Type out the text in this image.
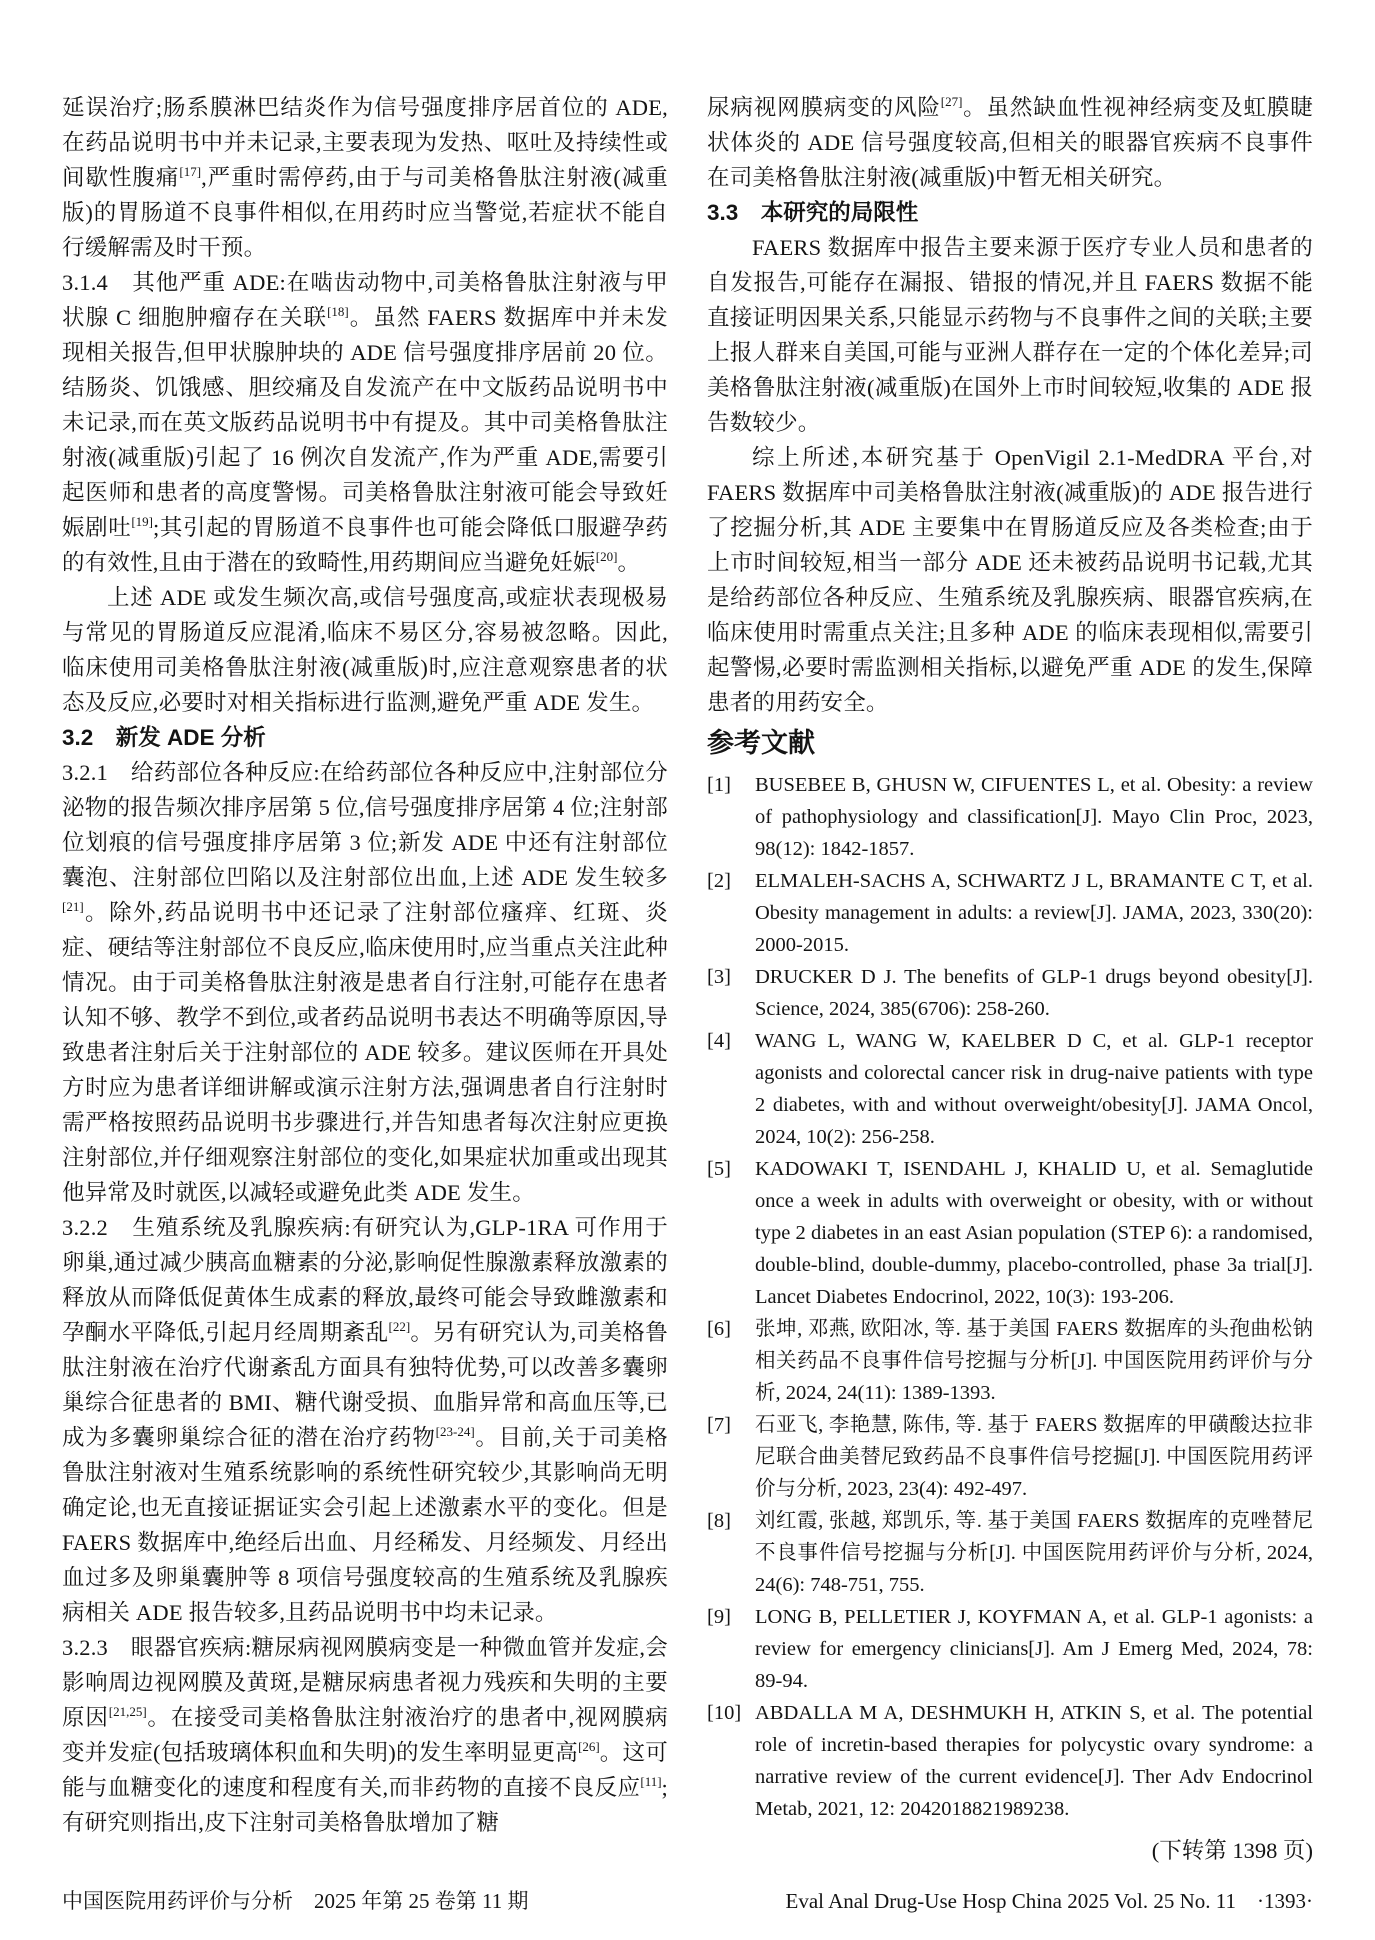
延误治疗;肠系膜淋巴结炎作为信号强度排序居首位的 ADE,在药品说明书中并未记录,主要表现为发热、呕吐及持续性或间歇性腹痛[17],严重时需停药,由于与司美格鲁肽注射液(减重版)的胃肠道不良事件相似,在用药时应当警觉,若症状不能自行缓解需及时干预。

3.1.4　其他严重 ADE:在啮齿动物中,司美格鲁肽注射液与甲状腺 C 细胞肿瘤存在关联[18]。虽然 FAERS 数据库中并未发现相关报告,但甲状腺肿块的 ADE 信号强度排序居前 20 位。结肠炎、饥饿感、胆绞痛及自发流产在中文版药品说明书中未记录,而在英文版药品说明书中有提及。其中司美格鲁肽注射液(减重版)引起了 16 例次自发流产,作为严重 ADE,需要引起医师和患者的高度警惕。司美格鲁肽注射液可能会导致妊娠剧吐[19];其引起的胃肠道不良事件也可能会降低口服避孕药的有效性,且由于潜在的致畸性,用药期间应当避免妊娠[20]。

上述 ADE 或发生频次高,或信号强度高,或症状表现极易与常见的胃肠道反应混淆,临床不易区分,容易被忽略。因此,临床使用司美格鲁肽注射液(减重版)时,应注意观察患者的状态及反应,必要时对相关指标进行监测,避免严重 ADE 发生。

3.2　新发 ADE 分析

3.2.1　给药部位各种反应:在给药部位各种反应中,注射部位分泌物的报告频次排序居第 5 位,信号强度排序居第 4 位;注射部位划痕的信号强度排序居第 3 位;新发 ADE 中还有注射部位囊泡、注射部位凹陷以及注射部位出血,上述 ADE 发生较多[21]。除外,药品说明书中还记录了注射部位瘙痒、红斑、炎症、硬结等注射部位不良反应,临床使用时,应当重点关注此种情况。由于司美格鲁肽注射液是患者自行注射,可能存在患者认知不够、教学不到位,或者药品说明书表达不明确等原因,导致患者注射后关于注射部位的 ADE 较多。建议医师在开具处方时应为患者详细讲解或演示注射方法,强调患者自行注射时需严格按照药品说明书步骤进行,并告知患者每次注射应更换注射部位,并仔细观察注射部位的变化,如果症状加重或出现其他异常及时就医,以减轻或避免此类 ADE 发生。

3.2.2　生殖系统及乳腺疾病:有研究认为,GLP-1RA 可作用于卵巢,通过减少胰高血糖素的分泌,影响促性腺激素释放激素的释放从而降低促黄体生成素的释放,最终可能会导致雌激素和孕酮水平降低,引起月经周期紊乱[22]。另有研究认为,司美格鲁肽注射液在治疗代谢紊乱方面具有独特优势,可以改善多囊卵巢综合征患者的 BMI、糖代谢受损、血脂异常和高血压等,已成为多囊卵巢综合征的潜在治疗药物[23-24]。目前,关于司美格鲁肽注射液对生殖系统影响的系统性研究较少,其影响尚无明确定论,也无直接证据证实会引起上述激素水平的变化。但是 FAERS 数据库中,绝经后出血、月经稀发、月经频发、月经出血过多及卵巢囊肿等 8 项信号强度较高的生殖系统及乳腺疾病相关 ADE 报告较多,且药品说明书中均未记录。

3.2.3　眼器官疾病:糖尿病视网膜病变是一种微血管并发症,会影响周边视网膜及黄斑,是糖尿病患者视力残疾和失明的主要原因[21,25]。在接受司美格鲁肽注射液治疗的患者中,视网膜病变并发症(包括玻璃体积血和失明)的发生率明显更高[26]。这可能与血糖变化的速度和程度有关,而非药物的直接不良反应[11];有研究则指出,皮下注射司美格鲁肽增加了糖

尿病视网膜病变的风险[27]。虽然缺血性视神经病变及虹膜睫状体炎的 ADE 信号强度较高,但相关的眼器官疾病不良事件在司美格鲁肽注射液(减重版)中暂无相关研究。

3.3　本研究的局限性

FAERS 数据库中报告主要来源于医疗专业人员和患者的自发报告,可能存在漏报、错报的情况,并且 FAERS 数据不能直接证明因果关系,只能显示药物与不良事件之间的关联;主要上报人群来自美国,可能与亚洲人群存在一定的个体化差异;司美格鲁肽注射液(减重版)在国外上市时间较短,收集的 ADE 报告数较少。

综上所述,本研究基于 OpenVigil 2.1-MedDRA 平台,对 FAERS 数据库中司美格鲁肽注射液(减重版)的 ADE 报告进行了挖掘分析,其 ADE 主要集中在胃肠道反应及各类检查;由于上市时间较短,相当一部分 ADE 还未被药品说明书记载,尤其是给药部位各种反应、生殖系统及乳腺疾病、眼器官疾病,在临床使用时需重点关注;且多种 ADE 的临床表现相似,需要引起警惕,必要时需监测相关指标,以避免严重 ADE 的发生,保障患者的用药安全。

参考文献
[1]	BUSEBEE B, GHUSN W, CIFUENTES L, et al. Obesity: a review of pathophysiology and classification[J]. Mayo Clin Proc, 2023, 98(12): 1842-1857.
[2]	ELMALEH-SACHS A, SCHWARTZ J L, BRAMANTE C T, et al. Obesity management in adults: a review[J]. JAMA, 2023, 330(20): 2000-2015.
[3]	DRUCKER D J. The benefits of GLP-1 drugs beyond obesity[J]. Science, 2024, 385(6706): 258-260.
[4]	WANG L, WANG W, KAELBER D C, et al. GLP-1 receptor agonists and colorectal cancer risk in drug-naive patients with type 2 diabetes, with and without overweight/obesity[J]. JAMA Oncol, 2024, 10(2): 256-258.
[5]	KADOWAKI T, ISENDAHL J, KHALID U, et al. Semaglutide once a week in adults with overweight or obesity, with or without type 2 diabetes in an east Asian population (STEP 6): a randomised, double-blind, double-dummy, placebo-controlled, phase 3a trial[J]. Lancet Diabetes Endocrinol, 2022, 10(3): 193-206.
[6]	张坤, 邓燕, 欧阳冰, 等. 基于美国 FAERS 数据库的头孢曲松钠相关药品不良事件信号挖掘与分析[J]. 中国医院用药评价与分析, 2024, 24(11): 1389-1393.
[7]	石亚飞, 李艳慧, 陈伟, 等. 基于 FAERS 数据库的甲磺酸达拉非尼联合曲美替尼致药品不良事件信号挖掘[J]. 中国医院用药评价与分析, 2023, 23(4): 492-497.
[8]	刘红霞, 张越, 郑凯乐, 等. 基于美国 FAERS 数据库的克唑替尼不良事件信号挖掘与分析[J]. 中国医院用药评价与分析, 2024, 24(6): 748-751, 755.
[9]	LONG B, PELLETIER J, KOYFMAN A, et al. GLP-1 agonists: a review for emergency clinicians[J]. Am J Emerg Med, 2024, 78: 89-94.
[10] ABDALLA M A, DESHMUKH H, ATKIN S, et al. The potential role of incretin-based therapies for polycystic ovary syndrome: a narrative review of the current evidence[J]. Ther Adv Endocrinol Metab, 2021, 12: 2042018821989238.

(下转第 1398 页)

中国医院用药评价与分析　2025 年第 25 卷第 11 期	Eval Anal Drug-Use Hosp China 2025 Vol. 25 No. 11　·1393·
